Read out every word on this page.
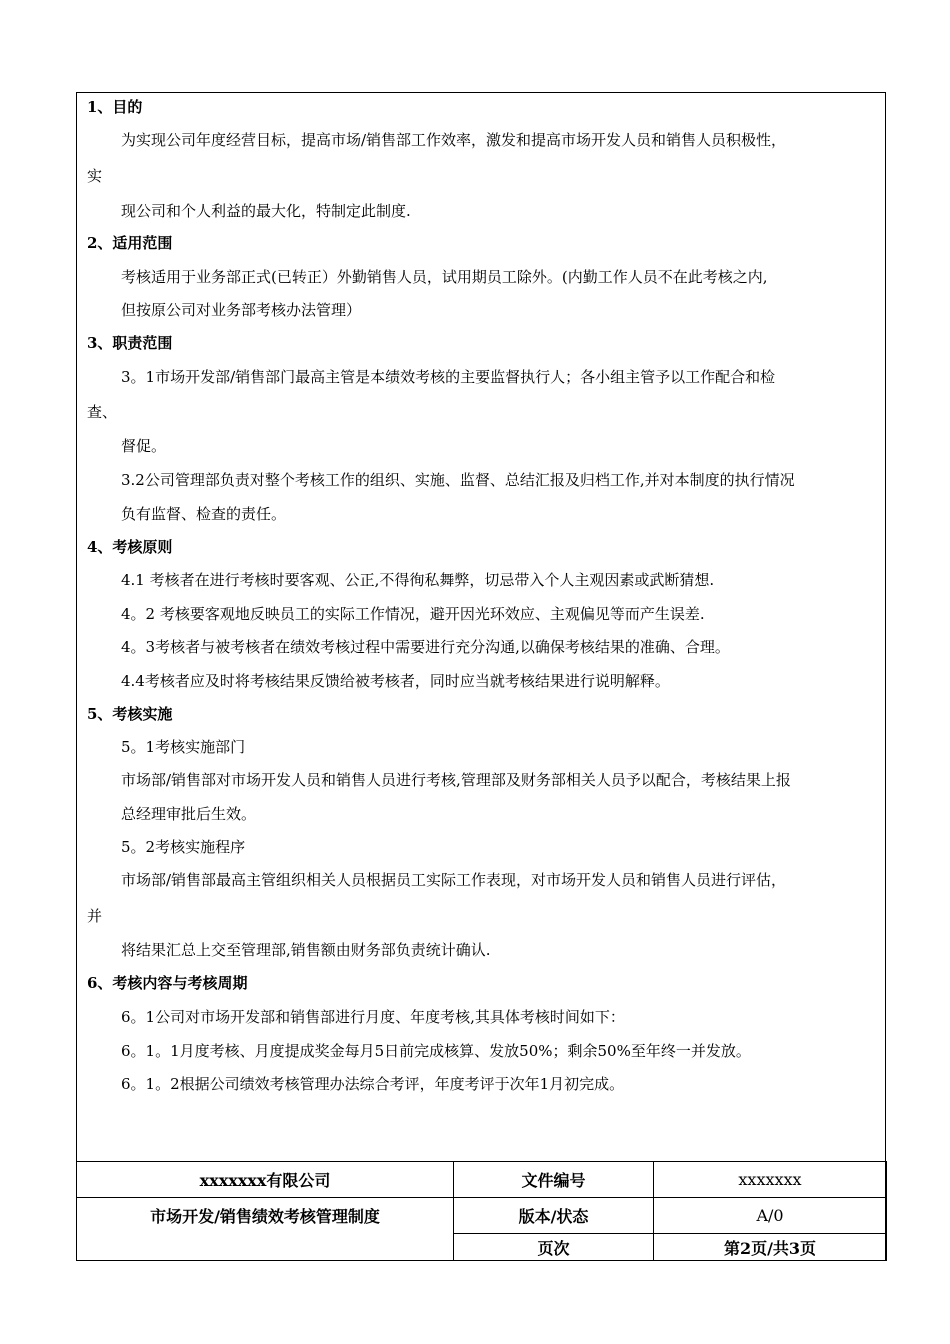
1、目的
为实现公司年度经营目标，提高市场/销售部工作效率，激发和提高市场开发人员和销售人员积极性，
实
现公司和个人利益的最大化，特制定此制度.
2、适用范围
考核适用于业务部正式(已转正）外勤销售人员，试用期员工除外。(内勤工作人员不在此考核之内,
但按原公司对业务部考核办法管理）
3、职责范围
3。1市场开发部/销售部门最高主管是本绩效考核的主要监督执行人；各小组主管予以工作配合和检
查、
督促。
3.2公司管理部负责对整个考核工作的组织、实施、监督、总结汇报及归档工作,并对本制度的执行情况
负有监督、检查的责任。
4、考核原则
4.1 考核者在进行考核时要客观、公正,不得徇私舞弊，切忌带入个人主观因素或武断猜想.
4。2 考核要客观地反映员工的实际工作情况，避开因光环效应、主观偏见等而产生误差.
4。3考核者与被考核者在绩效考核过程中需要进行充分沟通,以确保考核结果的准确、合理。
4.4考核者应及时将考核结果反馈给被考核者，同时应当就考核结果进行说明解释。
5、考核实施
5。1考核实施部门
市场部/销售部对市场开发人员和销售人员进行考核,管理部及财务部相关人员予以配合，考核结果上报
总经理审批后生效。
5。2考核实施程序
市场部/销售部最高主管组织相关人员根据员工实际工作表现，对市场开发人员和销售人员进行评估，
并
将结果汇总上交至管理部,销售额由财务部负责统计确认.
6、考核内容与考核周期
6。1公司对市场开发部和销售部进行月度、年度考核,其具体考核时间如下：
6。1。1月度考核、月度提成奖金每月5日前完成核算、发放50%；剩余50%至年终一并发放。
6。1。2根据公司绩效考核管理办法综合考评，年度考评于次年1月初完成。
xxxxxxx有限公司	文件编号	xxxxxxx
市场开发/销售绩效考核管理制度	版本/状态	A/0
	页次	第2页/共3页
